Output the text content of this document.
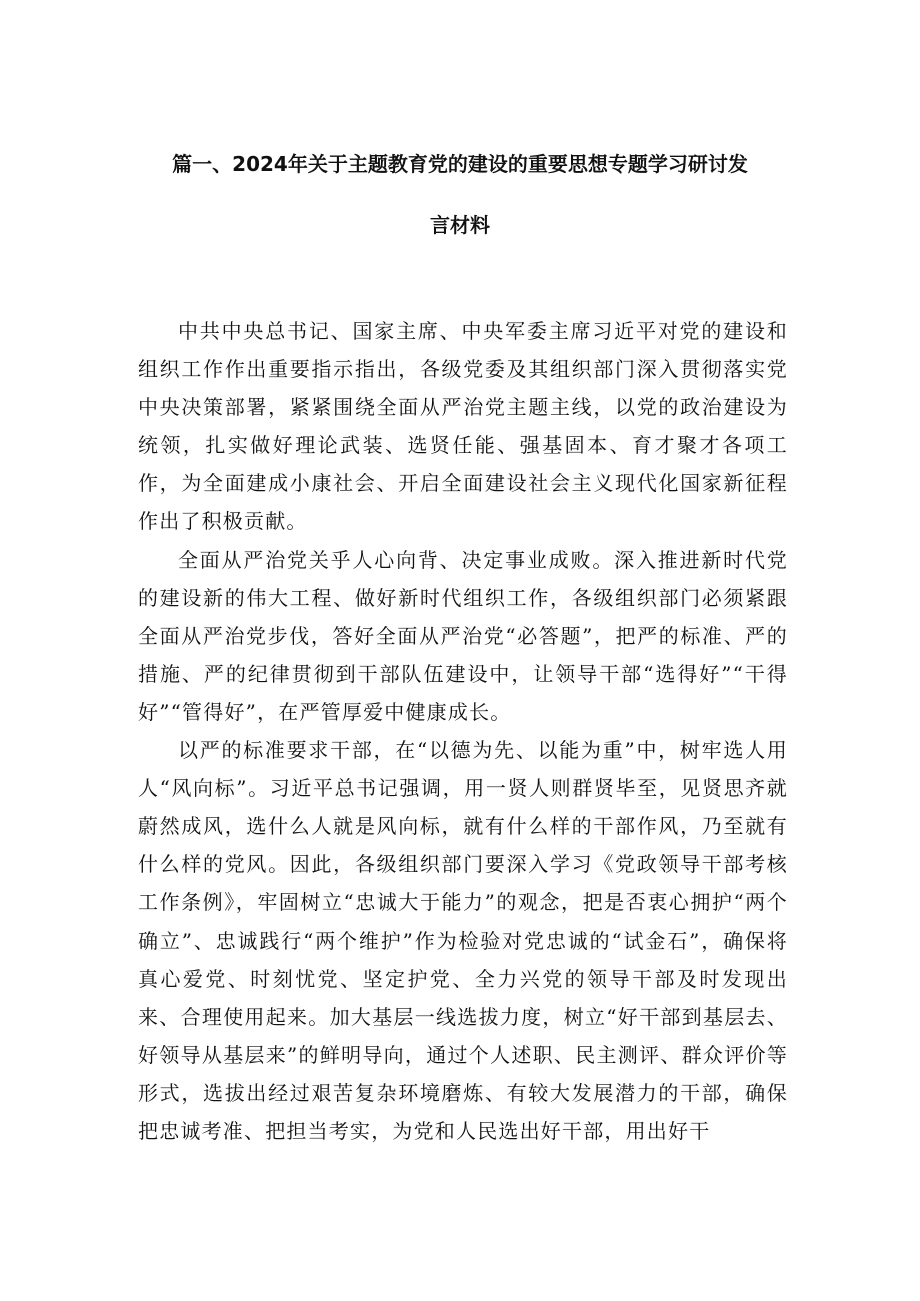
篇一、2024年关于主题教育党的建设的重要思想专题学习研讨发
言材料

中共中央总书记、国家主席、中央军委主席习近平对党的建设和组织工作作出重要指示指出，各级党委及其组织部门深入贯彻落实党中央决策部署，紧紧围绕全面从严治党主题主线，以党的政治建设为统领，扎实做好理论武装、选贤任能、强基固本、育才聚才各项工作，为全面建成小康社会、开启全面建设社会主义现代化国家新征程作出了积极贡献。

全面从严治党关乎人心向背、决定事业成败。深入推进新时代党的建设新的伟大工程、做好新时代组织工作，各级组织部门必须紧跟全面从严治党步伐，答好全面从严治党“必答题”，把严的标准、严的措施、严的纪律贯彻到干部队伍建设中，让领导干部“选得好”“干得好”“管得好”，在严管厚爱中健康成长。

以严的标准要求干部，在“以德为先、以能为重”中，树牢选人用人“风向标”。习近平总书记强调，用一贤人则群贤毕至，见贤思齐就蔚然成风，选什么人就是风向标，就有什么样的干部作风，乃至就有什么样的党风。因此，各级组织部门要深入学习《党政领导干部考核工作条例》，牢固树立“忠诚大于能力”的观念，把是否衷心拥护“两个确立”、忠诚践行“两个维护”作为检验对党忠诚的“试金石”，确保将真心爱党、时刻忧党、坚定护党、全力兴党的领导干部及时发现出来、合理使用起来。加大基层一线选拔力度，树立“好干部到基层去、好领导从基层来”的鲜明导向，通过个人述职、民主测评、群众评价等形式，选拔出经过艰苦复杂环境磨炼、有较大发展潜力的干部，确保把忠诚考准、把担当考实，为党和人民选出好干部，用出好干
